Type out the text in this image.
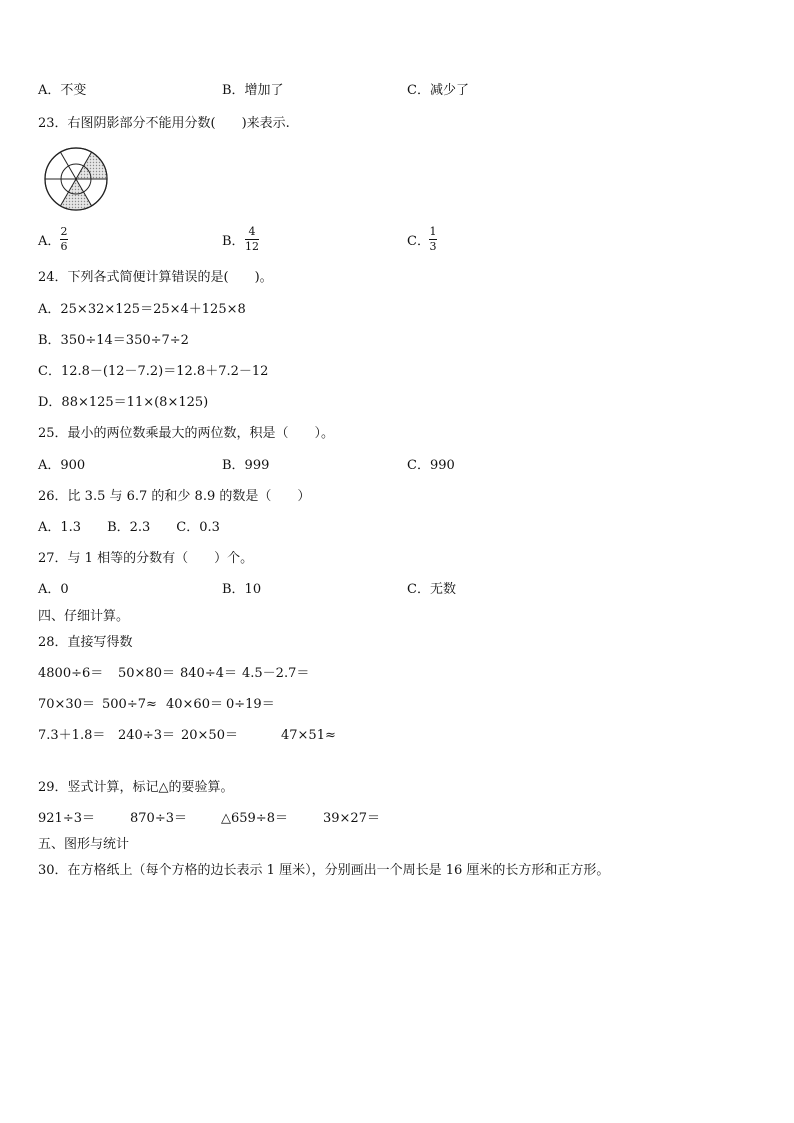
A．不变	B．增加了	C．减少了
23．右图阴影部分不能用分数(　　)来表示.
A．
2
6	B．
4
12	C．
1
3
24．下列各式简便计算错误的是(　　)。
A．25×32×125＝25×4＋125×8
B．350÷14＝350÷7÷2
C．12.8－(12－7.2)＝12.8＋7.2－12
D．88×125＝11×(8×125)
25．最小的两位数乘最大的两位数，积是（　　）。
A．900	B．999	C．990
26．比 3.5 与 6.7 的和少 8.9 的数是（　　）
A．1.3　　B．2.3　　C．0.3
27．与 1 相等的分数有（　　）个。
A．0	B．10	C．无数
四、仔细计算。
28．直接写得数
4800÷6＝ 50×80＝ 840÷4＝ 4.5－2.7＝
70×30＝ 500÷7≈ 40×60＝ 0÷19＝
7.3＋1.8＝ 240÷3＝ 20×50＝	47×51≈
29．竖式计算，标记△的要验算。
921÷3＝	870÷3＝	△659÷8＝	39×27＝
五、图形与统计
30．在方格纸上（每个方格的边长表示 1 厘米），分别画出一个周长是 16 厘米的长方形和正方形。
